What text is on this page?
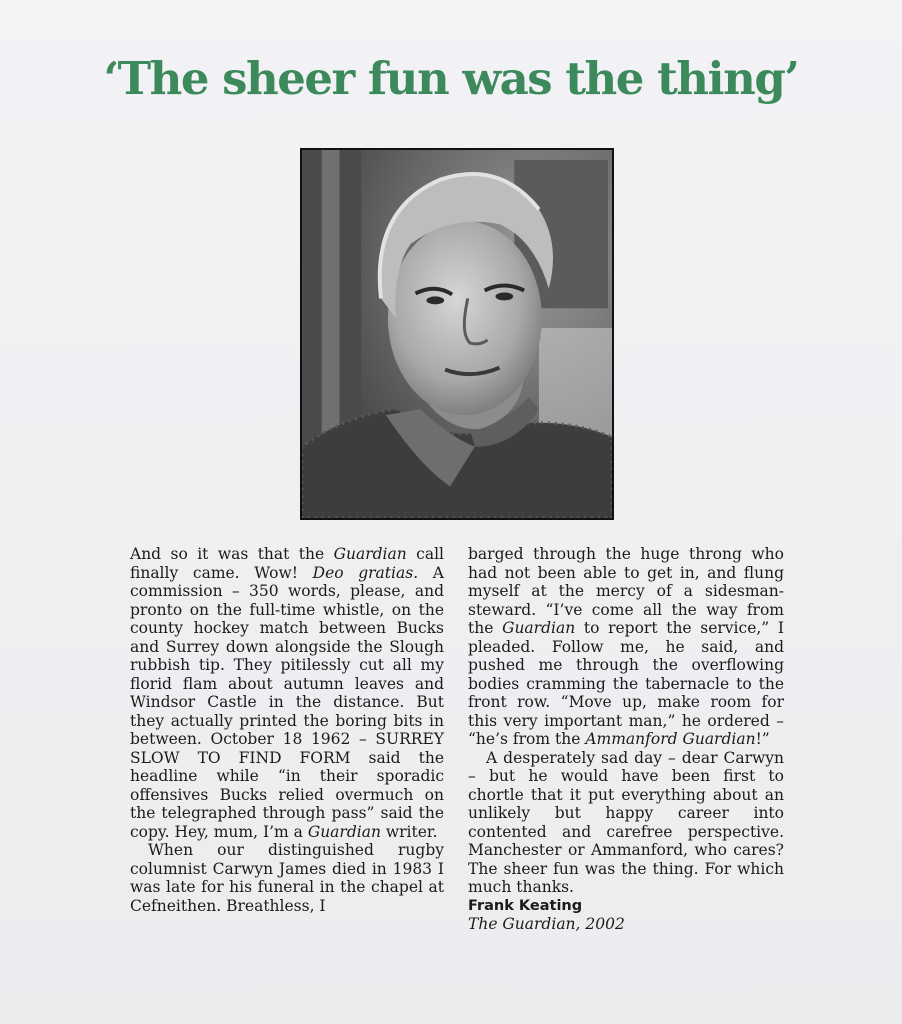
‘The sheer fun was the thing’

And so it was that the Guardian call finally came. Wow! Deo gratias. A commission – 350 words, please, and pronto on the full-time whistle, on the county hockey match between Bucks and Surrey down alongside the Slough rubbish tip. They pitilessly cut all my florid flam about autumn leaves and Windsor Castle in the distance. But they actually printed the boring bits in between. October 18 1962 – SURREY SLOW TO FIND FORM said the headline while “in their sporadic offensives Bucks relied overmuch on the telegraphed through pass” said the copy. Hey, mum, I’m a Guardian writer.

When our distinguished rugby columnist Carwyn James died in 1983 I was late for his funeral in the chapel at Cefneithen. Breathless, I

barged through the huge throng who had not been able to get in, and flung myself at the mercy of a sidesman-steward. “I’ve come all the way from the Guardian to report the service,” I pleaded. Follow me, he said, and pushed me through the overflowing bodies cramming the tabernacle to the front row. “Move up, make room for this very important man,” he ordered – “he’s from the Ammanford Guardian!”

A desperately sad day – dear Carwyn – but he would have been first to chortle that it put everything about an unlikely but happy career into contented and carefree perspective. Manchester or Ammanford, who cares? The sheer fun was the thing. For which much thanks.

Frank Keating

The Guardian, 2002
